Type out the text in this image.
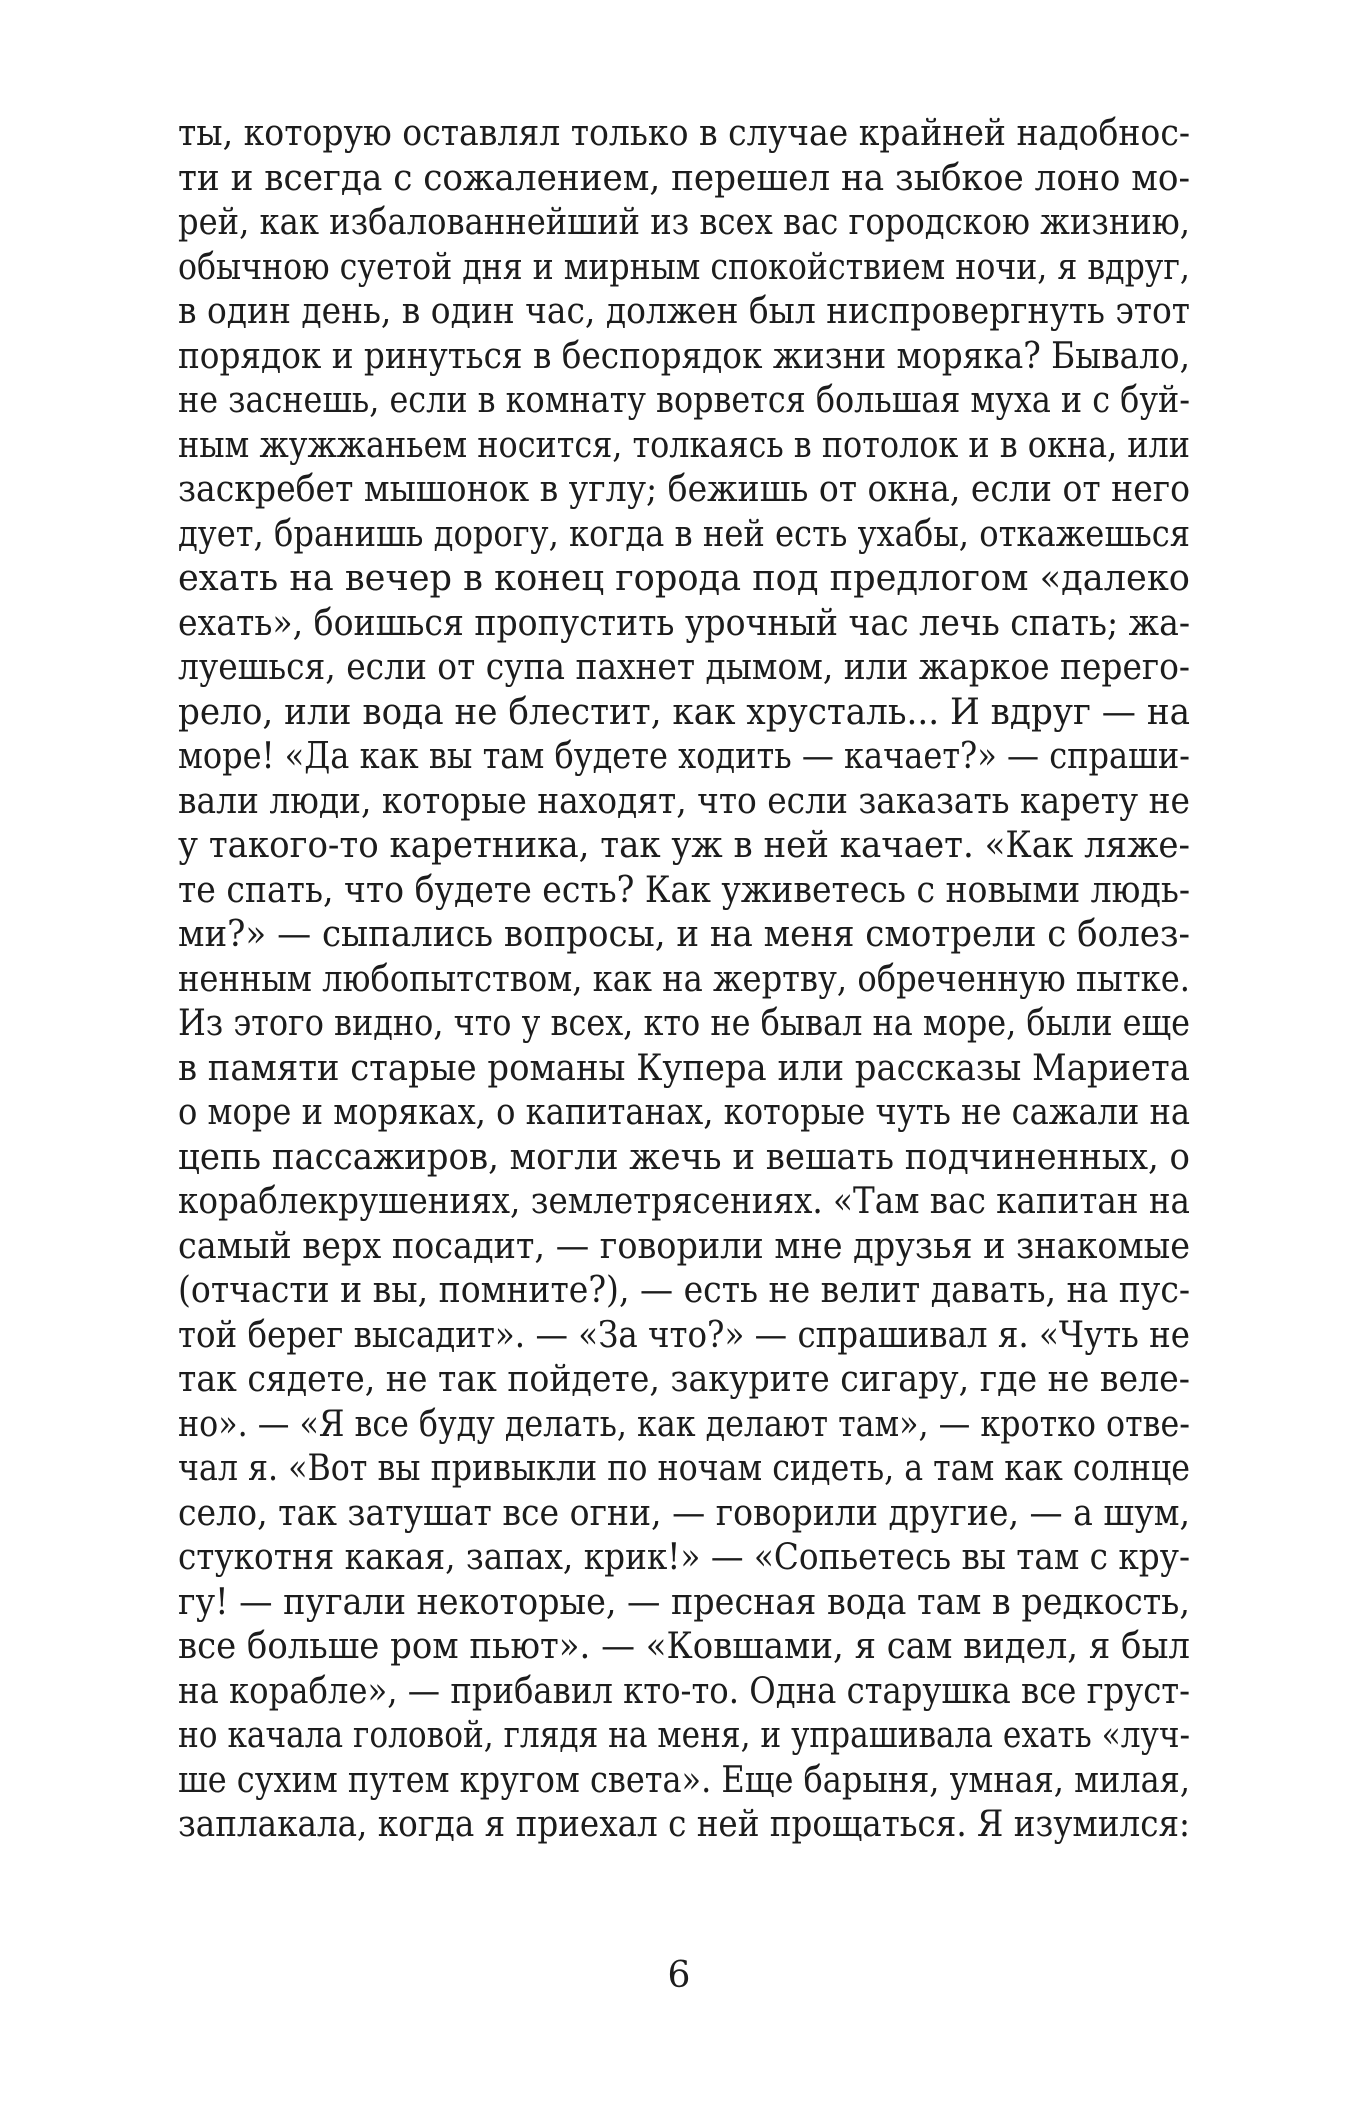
ты, которую оставлял только в случае крайней надобнос-
ти и всегда с сожалением, перешел на зыбкое лоно мо-
рей, как избалованнейший из всех вас городскою жизнию,
обычною суетой дня и мирным спокойствием ночи, я вдруг,
в один день, в один час, должен был ниспровергнуть этот
порядок и ринуться в беспорядок жизни моряка? Бывало,
не заснешь, если в комнату ворвется большая муха и с буй-
ным жужжаньем носится, толкаясь в потолок и в окна, или
заскребет мышонок в углу; бежишь от окна, если от него
дует, бранишь дорогу, когда в ней есть ухабы, откажешься
ехать на вечер в конец города под предлогом «далеко
ехать», боишься пропустить урочный час лечь спать; жа-
луешься, если от супа пахнет дымом, или жаркое перего-
рело, или вода не блестит, как хрусталь... И вдруг — на
море! «Да как вы там будете ходить — качает?» — спраши-
вали люди, которые находят, что если заказать карету не
у такого-то каретника, так уж в ней качает. «Как ляже-
те спать, что будете есть? Как уживетесь с новыми людь-
ми?» — сыпались вопросы, и на меня смотрели с болез-
ненным любопытством, как на жертву, обреченную пытке.
Из этого видно, что у всех, кто не бывал на море, были еще
в памяти старые романы Купера или рассказы Мариета
о море и моряках, о капитанах, которые чуть не сажали на
цепь пассажиров, могли жечь и вешать подчиненных, о
кораблекрушениях, землетрясениях. «Там вас капитан на
самый верх посадит, — говорили мне друзья и знакомые
(отчасти и вы, помните?), — есть не велит давать, на пус-
той берег высадит». — «За что?» — спрашивал я. «Чуть не
так сядете, не так пойдете, закурите сигару, где не веле-
но». — «Я все буду делать, как делают там», — кротко отве-
чал я. «Вот вы привыкли по ночам сидеть, а там как солнце
село, так затушат все огни, — говорили другие, — а шум,
стукотня какая, запах, крик!» — «Сопьетесь вы там с кру-
гу! — пугали некоторые, — пресная вода там в редкость,
все больше ром пьют». — «Ковшами, я сам видел, я был
на корабле», — прибавил кто-то. Одна старушка все груст-
но качала головой, глядя на меня, и упрашивала ехать «луч-
ше сухим путем кругом света». Еще барыня, умная, милая,
заплакала, когда я приехал с ней прощаться. Я изумился:
6
